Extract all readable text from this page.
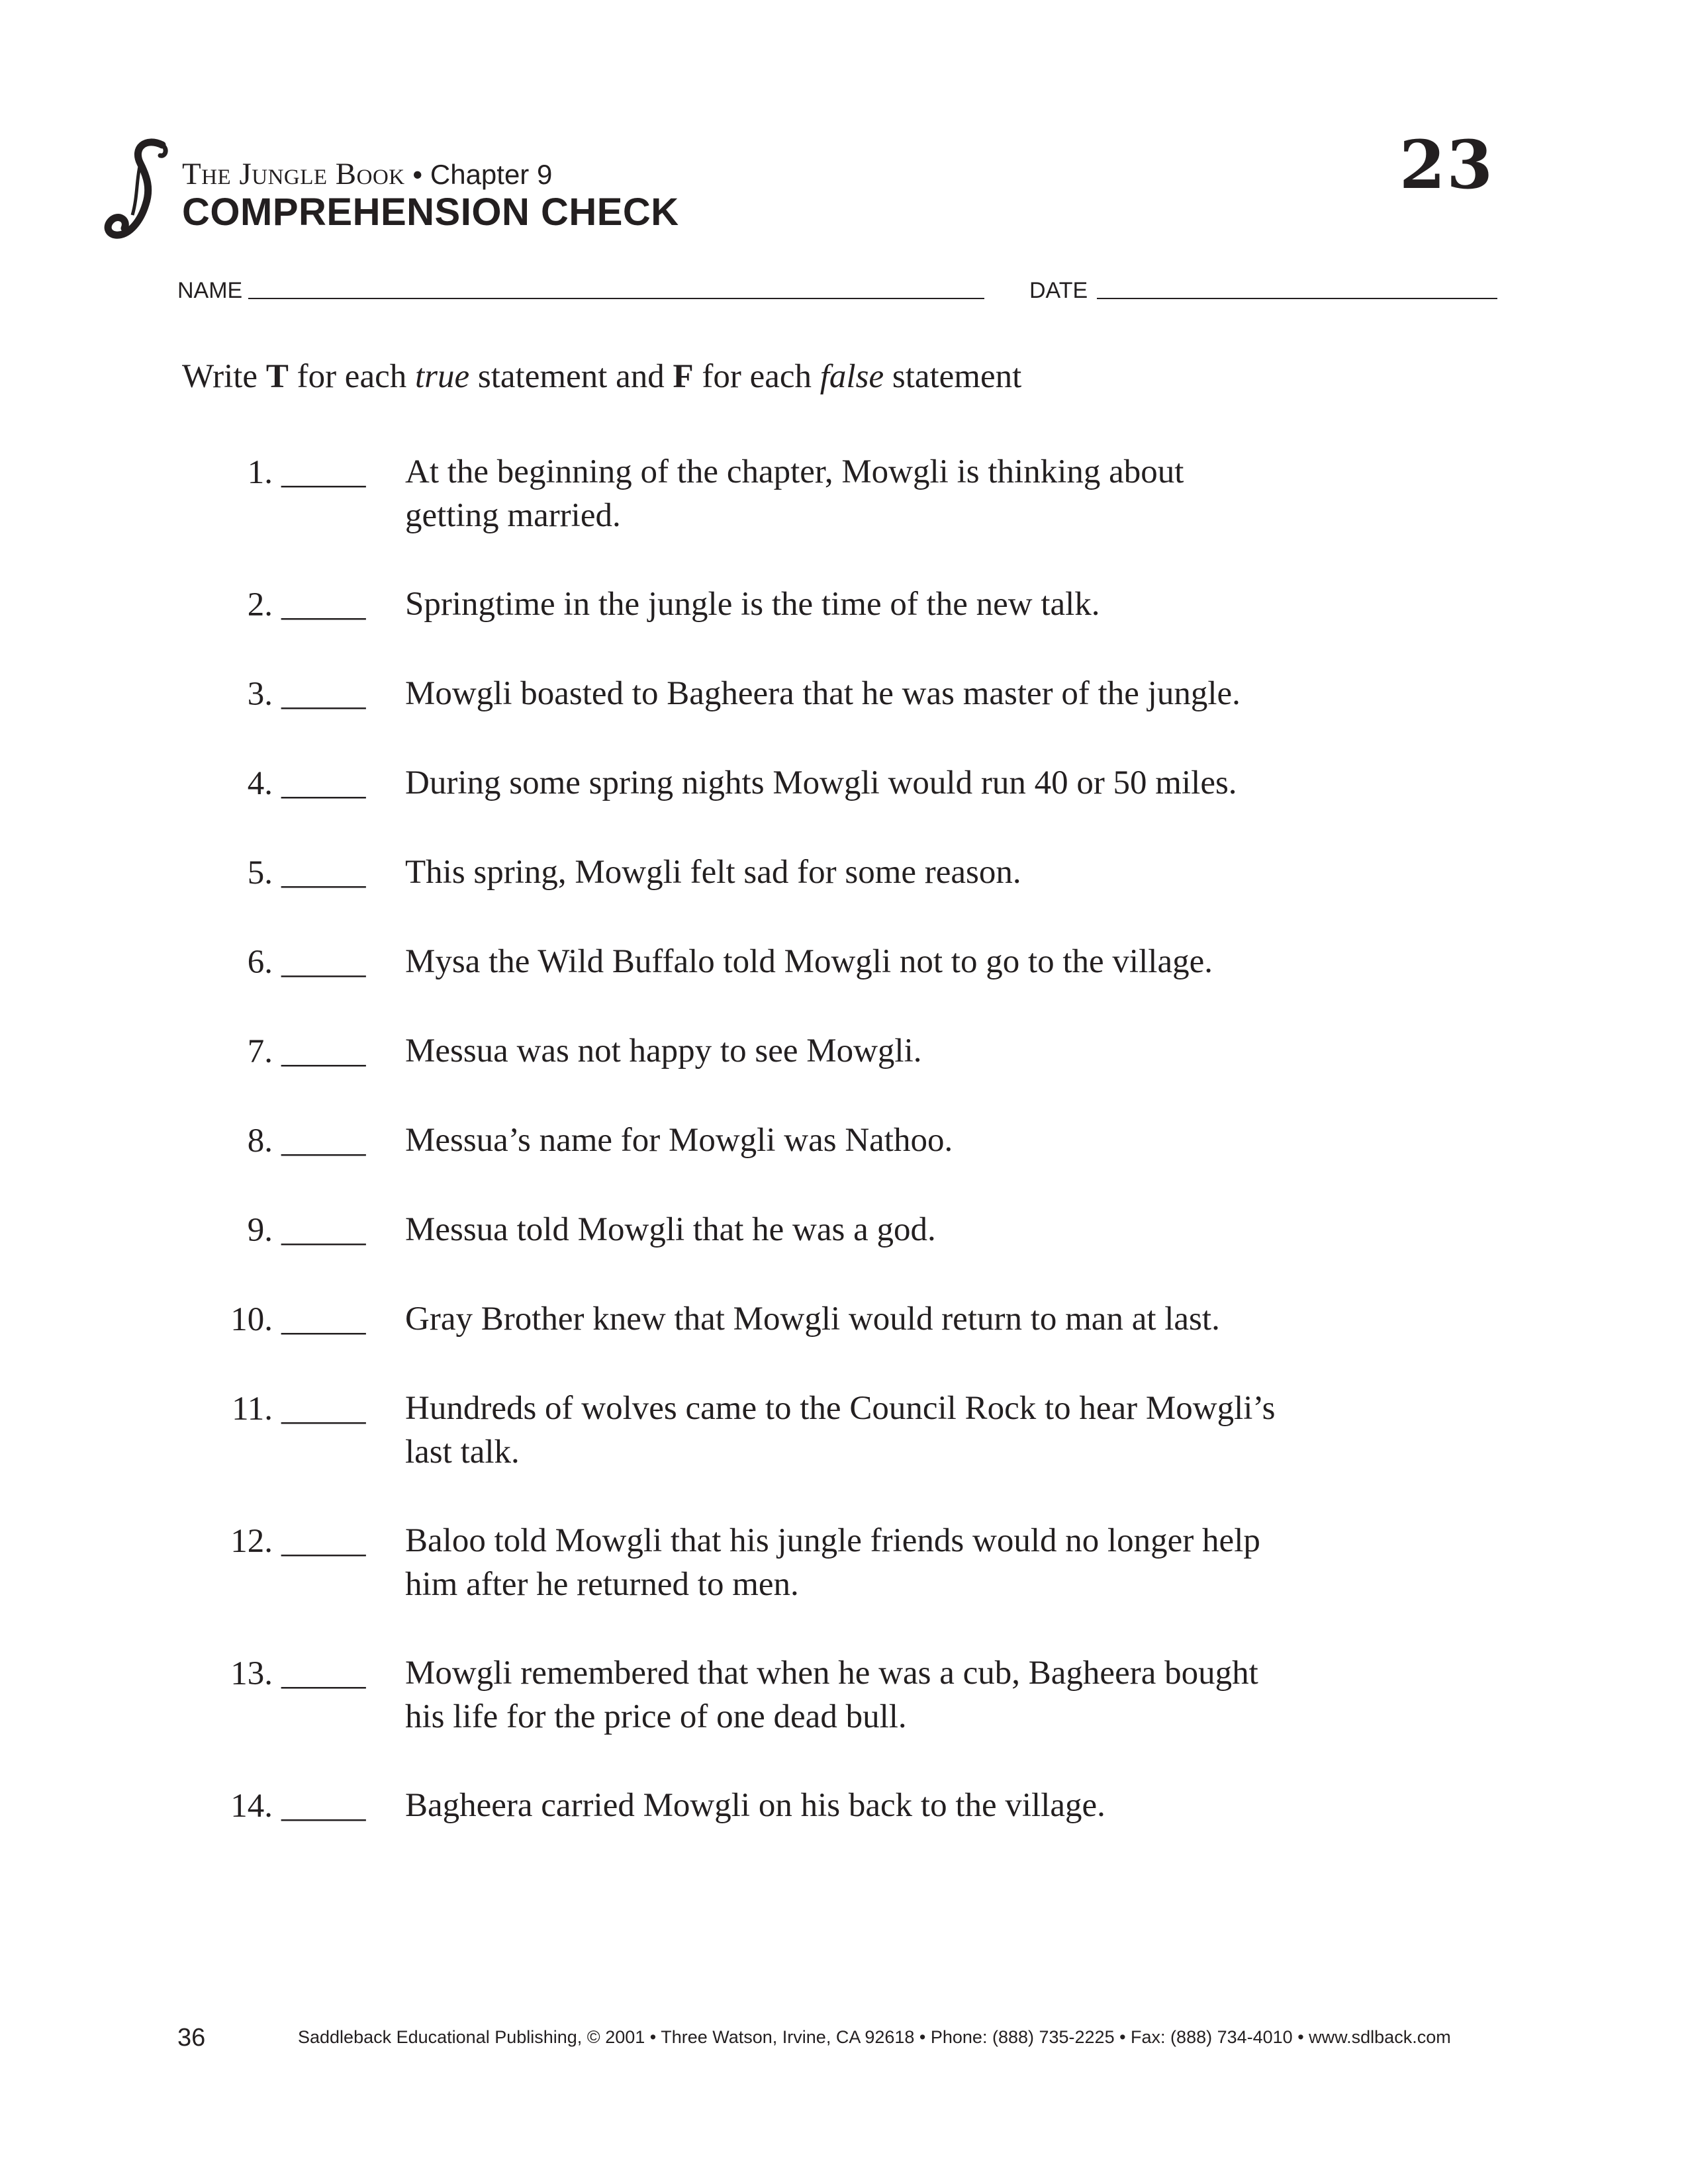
The Jungle Book • Chapter 9
COMPREHENSION CHECK
23
NAME	DATE
Write T for each true statement and F for each false statement
1. _____ At the beginning of the chapter, Mowgli is thinking about
getting married.
2. _____ Springtime in the jungle is the time of the new talk.
3. _____ Mowgli boasted to Bagheera that he was master of the jungle.
4. _____ During some spring nights Mowgli would run 40 or 50 miles.
5. _____ This spring, Mowgli felt sad for some reason.
6. _____ Mysa the Wild Buffalo told Mowgli not to go to the village.
7. _____ Messua was not happy to see Mowgli.
8. _____ Messua’s name for Mowgli was Nathoo.
9. _____ Messua told Mowgli that he was a god.
10. _____ Gray Brother knew that Mowgli would return to man at last.
11. _____ Hundreds of wolves came to the Council Rock to hear Mowgli’s
last talk.
12. _____ Baloo told Mowgli that his jungle friends would no longer help
him after he returned to men.
13. _____ Mowgli remembered that when he was a cub, Bagheera bought
his life for the price of one dead bull.
14. _____ Bagheera carried Mowgli on his back to the village.
36	Saddleback Educational Publishing, © 2001 • Three Watson, Irvine, CA 92618 • Phone: (888) 735-2225 • Fax: (888) 734-4010 • www.sdlback.com
